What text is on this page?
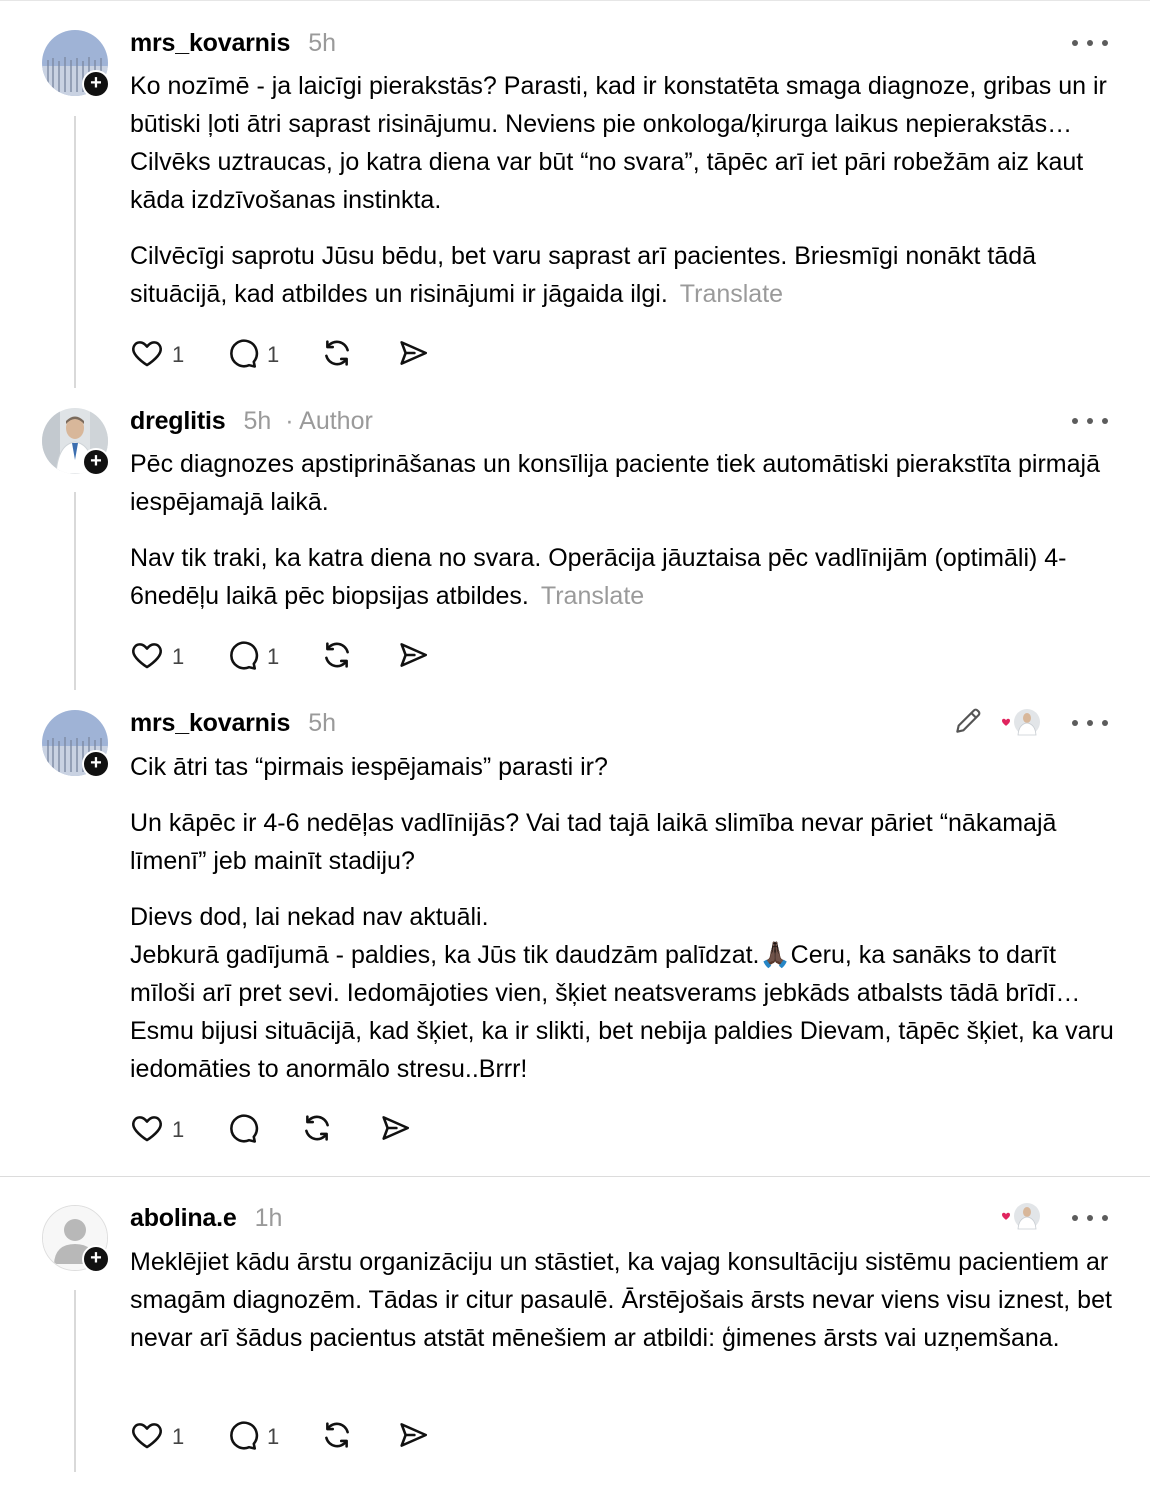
+
mrs_kovarnis 5h

Ko nozīmē - ja laicīgi pierakstās? Parasti, kad ir konstatēta smaga diagnoze, gribas un ir būtiski ļoti ātri saprast risinājumu. Neviens pie onkologa/ķirurga laikus nepierakstās… Cilvēks uztraucas, jo katra diena var būt “no svara”, tāpēc arī iet pāri robežām aiz kaut kāda izdzīvošanas instinkta.

Cilvēcīgi saprotu Jūsu bēdu, bet varu saprast arī pacientes. Briesmīgi nonākt tādā situācijā, kad atbildes un risinājumi ir jāgaida ilgi. Translate

1	1
+
dreglitis 5h · Author

Pēc diagnozes apstiprināšanas un konsīlija paciente tiek automātiski pierakstīta pirmajā iespējamajā laikā.

Nav tik traki, ka katra diena no svara. Operācija jāuztaisa pēc vadlīnijām (optimāli) 4-6nedēļu laikā pēc biopsijas atbildes. Translate

1	1
+
mrs_kovarnis 5h

Cik ātri tas “pirmais iespējamais” parasti ir?

Un kāpēc ir 4-6 nedēļas vadlīnijās? Vai tad tajā laikā slimība nevar pāriet “nākamajā līmenī” jeb mainīt stadiju?

Dievs dod, lai nekad nav aktuāli.
Jebkurā gadījumā - paldies, ka Jūs tik daudzām palīdzat.🙏🏿Ceru, ka sanāks to darīt mīloši arī pret sevi. Iedomājoties vien, šķiet neatsverams jebkāds atbalsts tādā brīdī… Esmu bijusi situācijā, kad šķiet, ka ir slikti, bet nebija paldies Dievam, tāpēc šķiet, ka varu iedomāties to anormālo stresu..Brrr!

1
+
abolina.e 1h

Meklējiet kādu ārstu organizāciju un stāstiet, ka vajag konsultāciju sistēmu pacientiem ar smagām diagnozēm. Tādas ir citur pasaulē. Ārstējošais ārsts nevar viens visu iznest, bet nevar arī šādus pacientus atstāt mēnešiem ar atbildi: ģimenes ārsts vai uzņemšana.

1	1
